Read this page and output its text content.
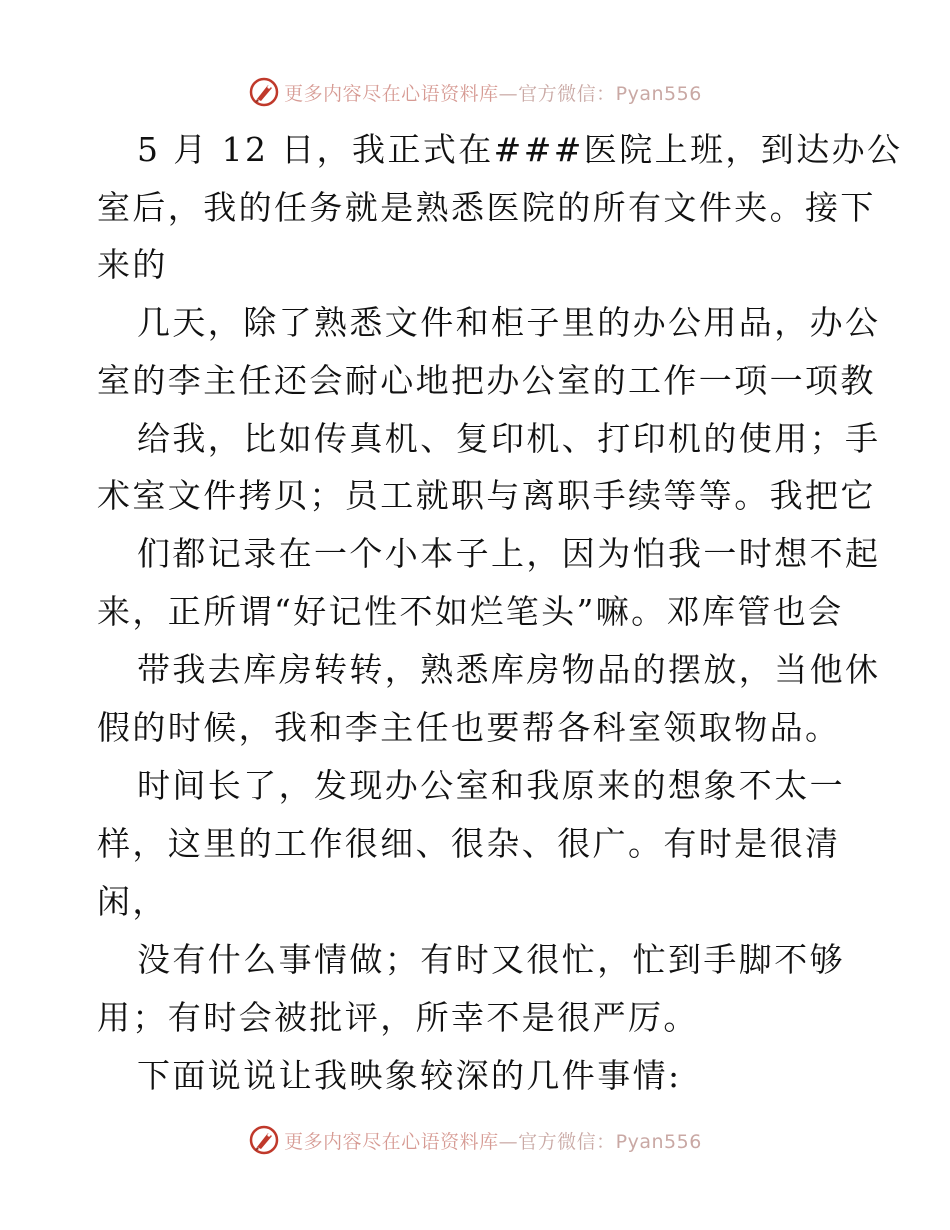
更多内容尽在心语资料库—官方微信：Pyan556
5 月 12 日，我正式在###医院上班，到达办公
室后，我的任务就是熟悉医院的所有文件夹。接下
来的
几天，除了熟悉文件和柜子里的办公用品，办公
室的李主任还会耐心地把办公室的工作一项一项教
给我，比如传真机、复印机、打印机的使用；手
术室文件拷贝；员工就职与离职手续等等。我把它
们都记录在一个小本子上，因为怕我一时想不起
来，正所谓“好记性不如烂笔头”嘛。邓库管也会
带我去库房转转，熟悉库房物品的摆放，当他休
假的时候，我和李主任也要帮各科室领取物品。
时间长了，发现办公室和我原来的想象不太一
样，这里的工作很细、很杂、很广。有时是很清
闲，
没有什么事情做；有时又很忙，忙到手脚不够
用；有时会被批评，所幸不是很严厉。
下面说说让我映象较深的几件事情:
更多内容尽在心语资料库—官方微信：Pyan556
